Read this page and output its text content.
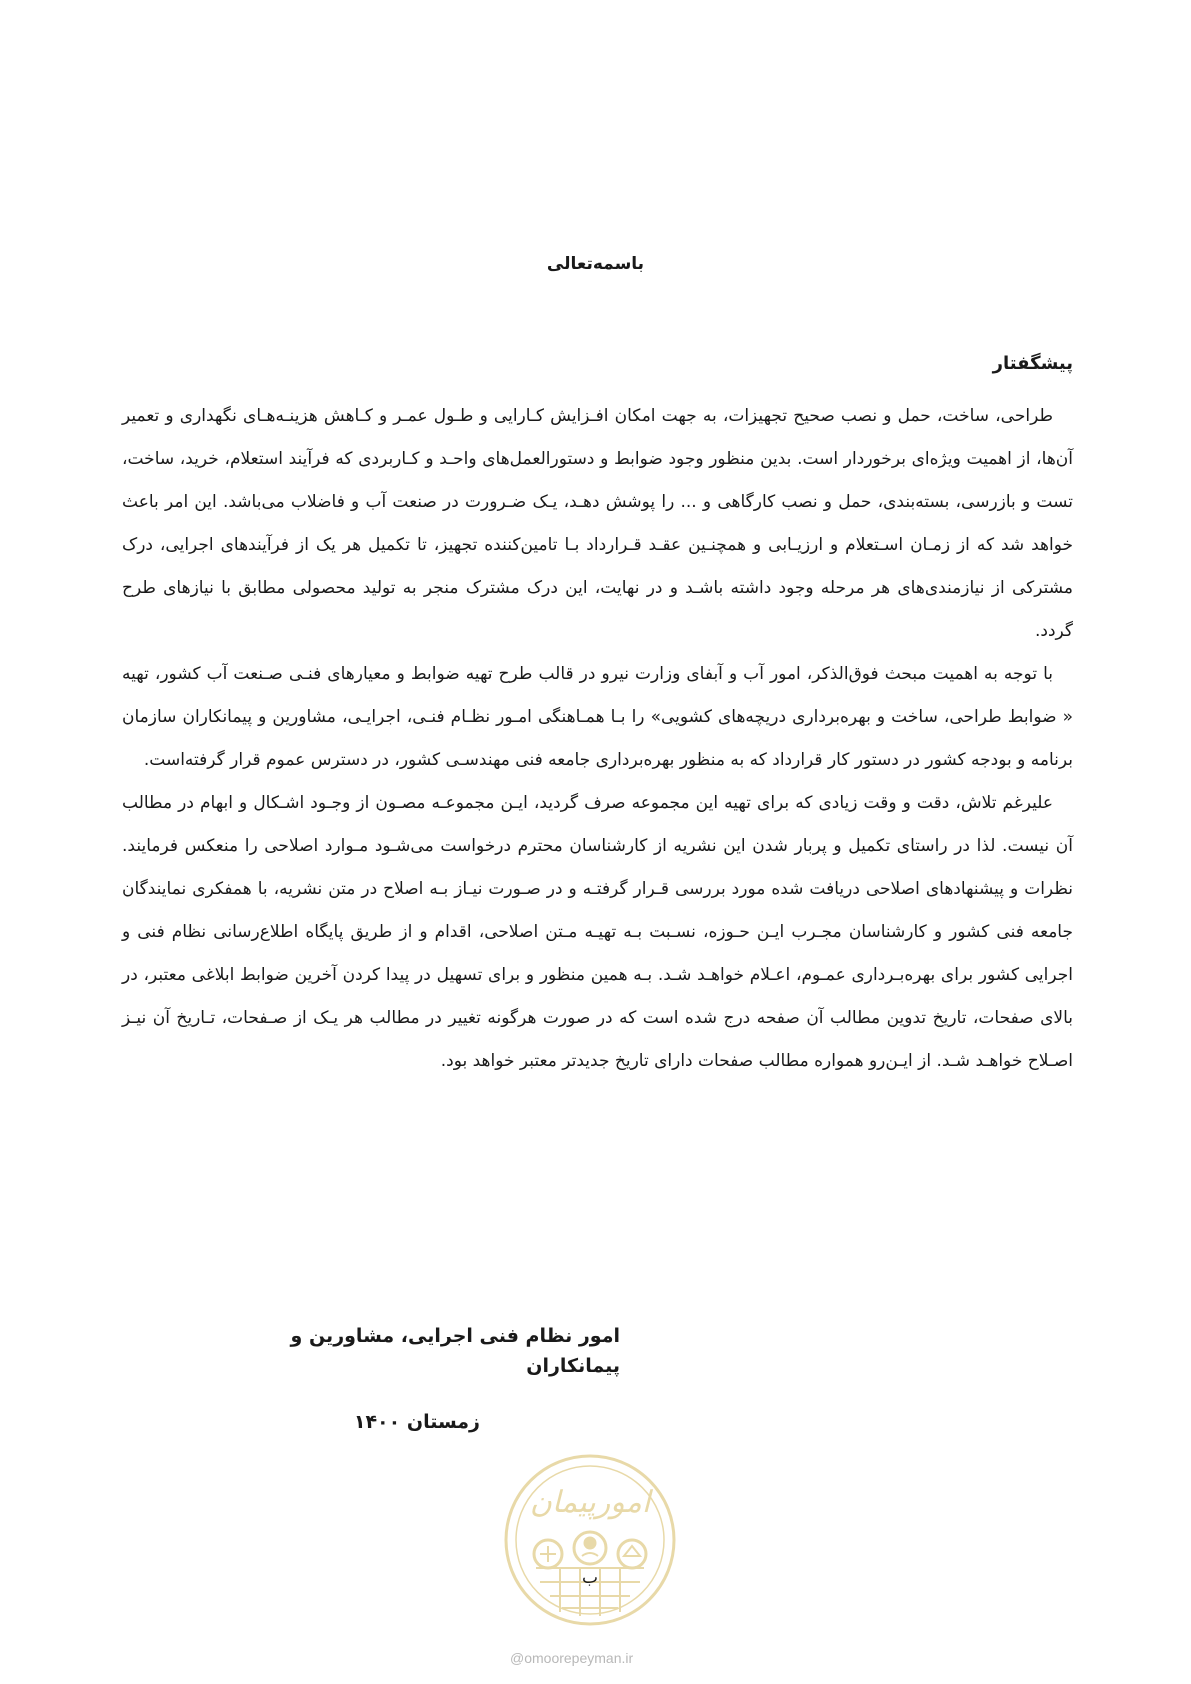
باسمه‌تعالی
پیشگفتار

طراحی، ساخت، حمل و نصب صحیح تجهیزات، به جهت امکان افـزایش کـارایی و طـول عمـر و کـاهش هزینـه‌هـای نگهداری و تعمیر آن‌ها، از اهمیت ویژه‌ای برخوردار است. بدین منظور وجود ضوابط و دستورالعمل‌های واحـد و کـاربردی که فرآیند استعلام، خرید، ساخت، تست و بازرسی، بسته‌بندی، حمل و نصب کارگاهی و ... را پوشش دهـد، یـک ضـرورت در صنعت آب و فاضلاب می‌باشد. این امر باعث خواهد شد که از زمـان اسـتعلام و ارزیـابی و همچنـین عقـد قـرارداد بـا تامین‌کننده تجهیز، تا تکمیل هر یک از فرآیندهای اجرایی، درک مشترکی از نیازمندی‌های هر مرحله وجود داشته باشـد و در نهایت، این درک مشترک منجر به تولید محصولی مطابق با نیازهای طرح گردد.

با توجه به اهمیت مبحث فوق‌الذکر، امور آب و آبفای وزارت نیرو در قالب طرح تهیه ضوابط و معیارهای فنـی صـنعت آب کشور، تهیه « ضوابط طراحی، ساخت و بهره‌برداری دریچه‌های کشویی» را بـا همـاهنگی امـور نظـام فنـی، اجرایـی، مشاورین و پیمانکاران سازمان برنامه و بودجه کشور در دستور کار قرارداد که به منظور بهره‌برداری جامعه فنی مهندسـی کشور، در دسترس عموم قرار گرفته‌است.

علیرغم تلاش، دقت و وقت زیادی که برای تهیه این مجموعه صرف گردید، ایـن مجموعـه مصـون از وجـود اشـکال و ابهام در مطالب آن نیست. لذا در راستای تکمیل و پربار شدن این نشریه از کارشناسان محترم درخواست می‌شـود مـوارد اصلاحی را منعکس فرمایند. نظرات و پیشنهادهای اصلاحی دریافت شده مورد بررسی قـرار گرفتـه و در صـورت نیـاز بـه اصلاح در متن نشریه، با همفکری نمایندگان جامعه فنی کشور و کارشناسان مجـرب ایـن حـوزه، نسـبت بـه تهیـه مـتن اصلاحی، اقدام و از طریق پایگاه اطلاع‌رسانی نظام فنی و اجرایی کشور برای بهره‌بـرداری عمـوم، اعـلام خواهـد شـد. بـه همین منظور و برای تسهیل در پیدا کردن آخرین ضوابط ابلاغی معتبر، در بالای صفحات، تاریخ تدوین مطالب آن صفحه درج شده است که در صورت هرگونه تغییر در مطالب هر یـک از صـفحات، تـاریخ آن نیـز اصـلاح خواهـد شـد. از ایـن‌رو همواره مطالب صفحات دارای تاریخ جدیدتر معتبر خواهد بود.

امور نظام فنی اجرایی، مشاورین و پیمانکاران
زمستان ۱۴۰۰
امورپیمان
ب
@omoorepeyman.ir
